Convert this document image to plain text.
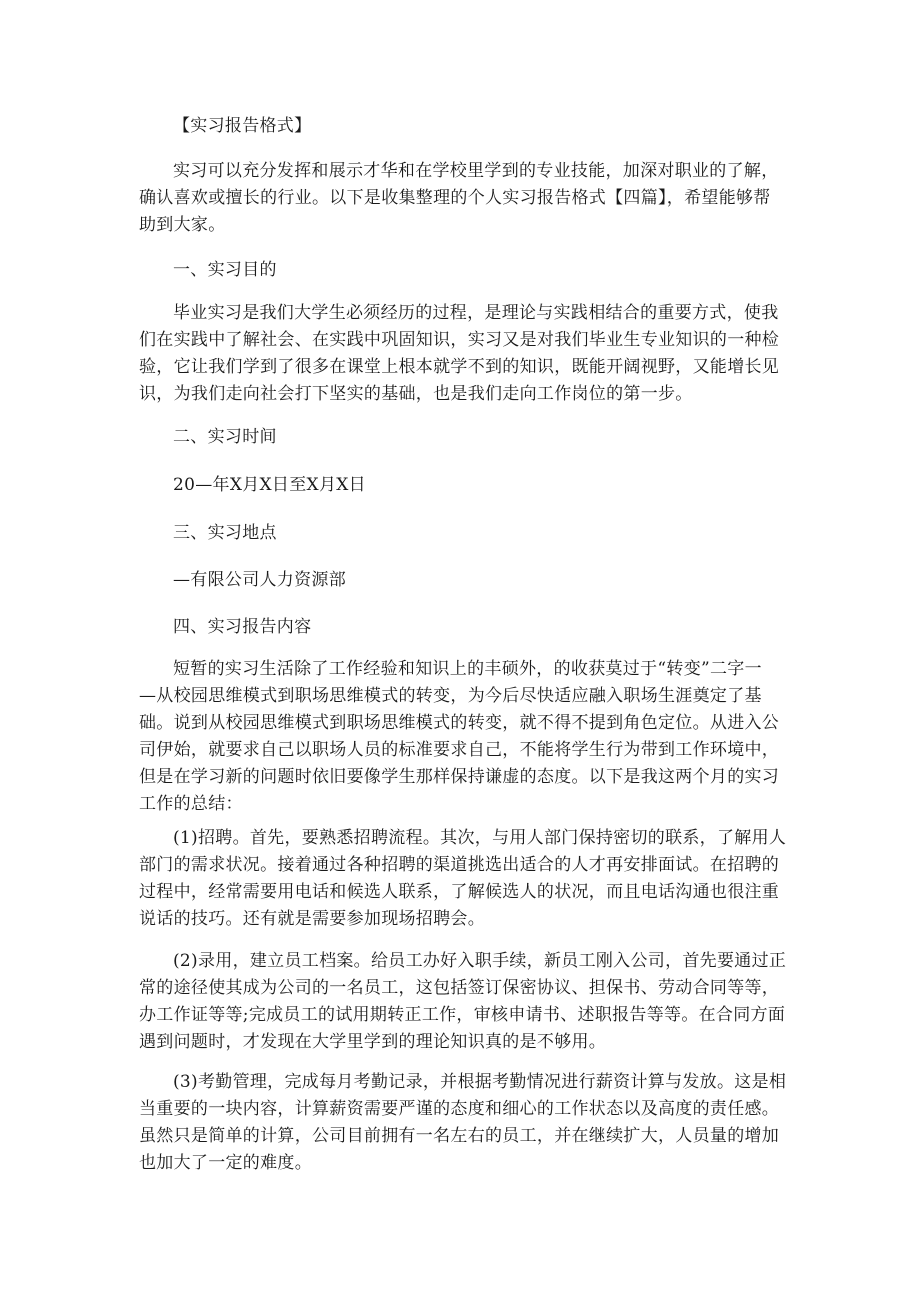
【实习报告格式】

实习可以充分发挥和展示才华和在学校里学到的专业技能，加深对职业的了解，
确认喜欢或擅长的行业。以下是收集整理的个人实习报告格式【四篇】，希望能够帮
助到大家。

一、实习目的

毕业实习是我们大学生必须经历的过程，是理论与实践相结合的重要方式，使我
们在实践中了解社会、在实践中巩固知识，实习又是对我们毕业生专业知识的一种检
验，它让我们学到了很多在课堂上根本就学不到的知识，既能开阔视野，又能增长见
识，为我们走向社会打下坚实的基础，也是我们走向工作岗位的第一步。

二、实习时间

20—年X月X日至X月X日

三、实习地点

—有限公司人力资源部

四、实习报告内容

短暂的实习生活除了工作经验和知识上的丰硕外，的收获莫过于“转变”二字一
—从校园思维模式到职场思维模式的转变，为今后尽快适应融入职场生涯奠定了基
础。说到从校园思维模式到职场思维模式的转变，就不得不提到角色定位。从进入公
司伊始，就要求自己以职场人员的标准要求自己，不能将学生行为带到工作环境中，
但是在学习新的问题时依旧要像学生那样保持谦虚的态度。以下是我这两个月的实习
工作的总结：

(1)招聘。首先，要熟悉招聘流程。其次，与用人部门保持密切的联系，了解用人
部门的需求状况。接着通过各种招聘的渠道挑选出适合的人才再安排面试。在招聘的
过程中，经常需要用电话和候选人联系，了解候选人的状况，而且电话沟通也很注重
说话的技巧。还有就是需要参加现场招聘会。

(2)录用，建立员工档案。给员工办好入职手续，新员工刚入公司，首先要通过正
常的途径使其成为公司的一名员工，这包括签订保密协议、担保书、劳动合同等等，
办工作证等等;完成员工的试用期转正工作，审核申请书、述职报告等等。在合同方面
遇到问题时，才发现在大学里学到的理论知识真的是不够用。

(3)考勤管理，完成每月考勤记录，并根据考勤情况进行薪资计算与发放。这是相
当重要的一块内容，计算薪资需要严谨的态度和细心的工作状态以及高度的责任感。
虽然只是简单的计算，公司目前拥有一名左右的员工，并在继续扩大，人员量的增加
也加大了一定的难度。
